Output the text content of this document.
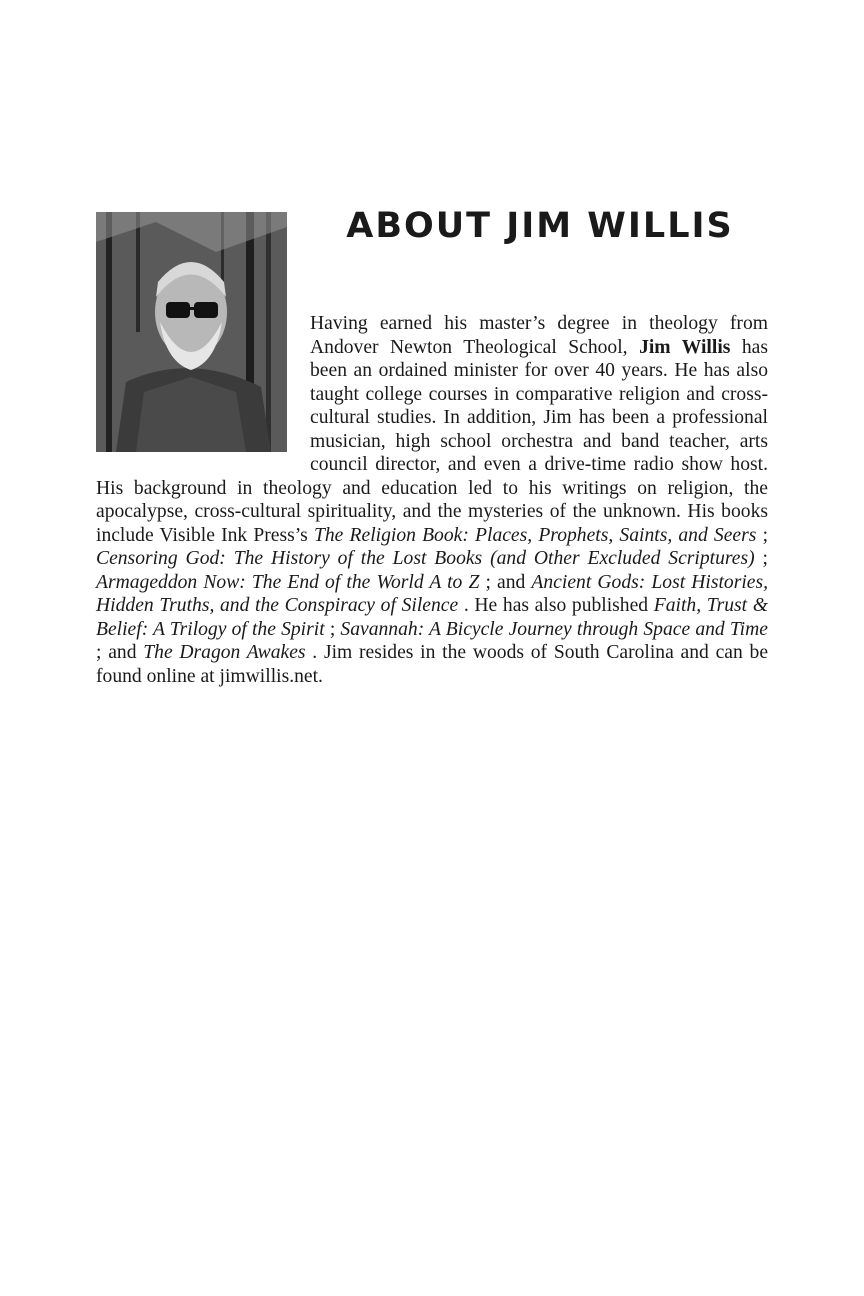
ABOUT JIM WILLIS

Having earned his master’s degree in theology from Andover Newton Theological School, Jim Willis has been an ordained minister for over 40 years. He has also taught college courses in comparative religion and cross-cultural studies. In addition, Jim has been a professional musician, high school orchestra and band teacher, arts council director, and even a drive-time radio show host. His background in theology and education led to his writings on religion, the apocalypse, cross-cultural spirituality, and the mysteries of the unknown. His books include Visible Ink Press’s The Religion Book: Places, Prophets, Saints, and Seers ; Censoring God: The History of the Lost Books (and Other Excluded Scriptures) ; Armageddon Now: The End of the World A to Z ; and Ancient Gods: Lost Histories, Hidden Truths, and the Conspiracy of Silence . He has also published Faith, Trust & Belief: A Trilogy of the Spirit ; Savannah: A Bicycle Journey through Space and Time ; and The Dragon Awakes . Jim resides in the woods of South Carolina and can be found online at jimwillis.net.
